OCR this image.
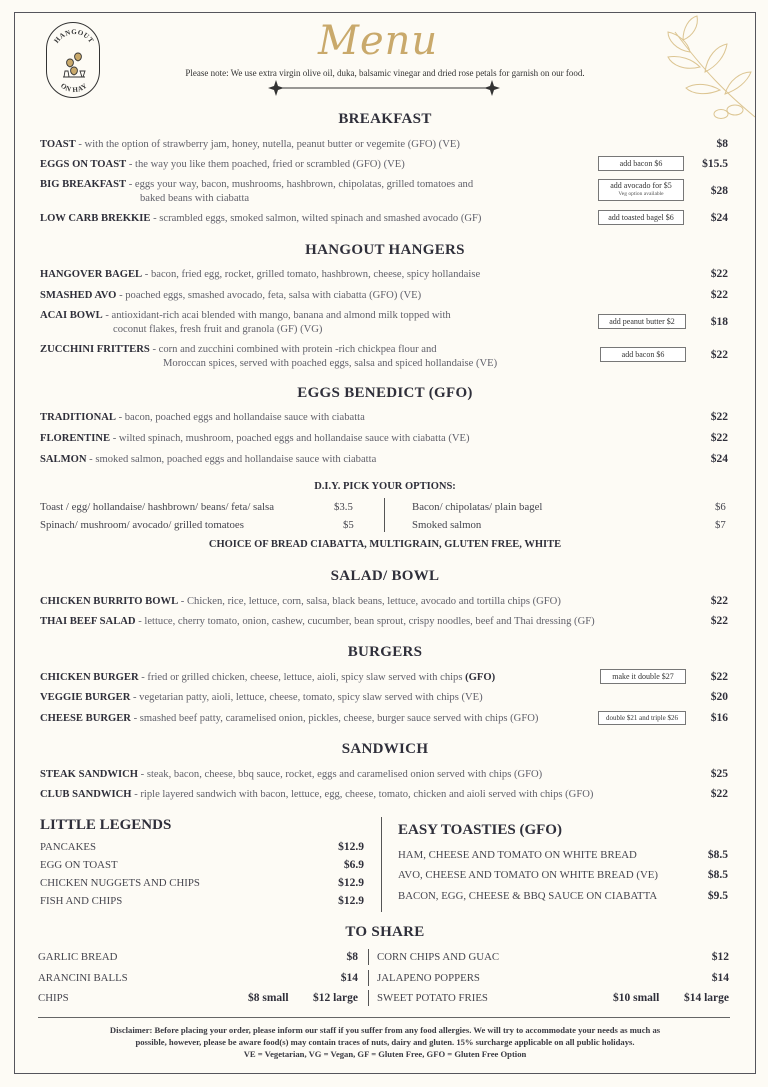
HANGOUT
ON HAY
Menu
Please note: We use extra virgin olive oil, duka, balsamic vinegar and dried rose petals for garnish on our food.
BREAKFAST
TOAST - with the option of strawberry jam, honey, nutella, peanut butter or vegemite (GFO) (VE)	$8
EGGS ON TOAST - the way you like them poached, fried or scrambled (GFO) (VE)	add bacon $6	$15.5
BIG BREAKFAST - eggs your way, bacon, mushrooms, hashbrown, chipolatas, grilled tomatoes and
baked beans with ciabatta
add avocado for $5
Veg option available	$28
LOW CARB BREKKIE - scrambled eggs, smoked salmon, wilted spinach and smashed avocado (GF)	add toasted bagel $6	$24
HANGOUT HANGERS
HANGOVER BAGEL - bacon, fried egg, rocket, grilled tomato, hashbrown, cheese, spicy hollandaise	$22
SMASHED AVO - poached eggs, smashed avocado, feta, salsa with ciabatta (GFO) (VE)	$22
ACAI BOWL - antioxidant-rich acai blended with mango, banana and almond milk topped with
coconut flakes, fresh fruit and granola (GF) (VG)
add peanut butter $2	$18
ZUCCHINI FRITTERS - corn and zucchini combined with protein -rich chickpea flour and
Moroccan spices, served with poached eggs, salsa and spiced hollandaise (VE)
add bacon $6	$22
EGGS BENEDICT (GFO)
TRADITIONAL - bacon, poached eggs and hollandaise sauce with ciabatta	$22
FLORENTINE - wilted spinach, mushroom, poached eggs and hollandaise sauce with ciabatta (VE)	$22
SALMON - smoked salmon, poached eggs and hollandaise sauce with ciabatta	$24
D.I.Y. PICK YOUR OPTIONS:
Toast / egg/ hollandaise/ hashbrown/ beans/ feta/ salsa	$3.5
Spinach/ mushroom/ avocado/ grilled tomatoes	$5
Bacon/ chipolatas/ plain bagel	$6
Smoked salmon	$7
CHOICE OF BREAD CIABATTA, MULTIGRAIN, GLUTEN FREE, WHITE
SALAD/ BOWL
CHICKEN BURRITO BOWL - Chicken, rice, lettuce, corn, salsa, black beans, lettuce, avocado and tortilla chips (GFO)	$22
THAI BEEF SALAD - lettuce, cherry tomato, onion, cashew, cucumber, bean sprout, crispy noodles, beef and Thai dressing (GF)	$22
BURGERS
CHICKEN BURGER - fried or grilled chicken, cheese, lettuce, aioli, spicy slaw served with chips (GFO)	make it double $27	$22
VEGGIE BURGER - vegetarian patty, aioli, lettuce, cheese, tomato, spicy slaw served with chips (VE)	$20
CHEESE BURGER - smashed beef patty, caramelised onion, pickles, cheese, burger sauce served with chips (GFO)	double $21 and triple $26	$16
SANDWICH
STEAK SANDWICH - steak, bacon, cheese, bbq sauce, rocket, eggs and caramelised onion served with chips (GFO)	$25
CLUB SANDWICH - riple layered sandwich with bacon, lettuce, egg, cheese, tomato, chicken and aioli served with chips (GFO)	$22
LITTLE LEGENDS
PANCAKES	$12.9
EGG ON TOAST	$6.9
CHICKEN NUGGETS AND CHIPS	$12.9
FISH AND CHIPS	$12.9
EASY TOASTIES (GFO)
HAM, CHEESE AND TOMATO ON WHITE BREAD	$8.5
AVO, CHEESE AND TOMATO ON WHITE BREAD (VE)	$8.5
BACON, EGG, CHEESE & BBQ SAUCE ON CIABATTA	$9.5
TO SHARE
GARLIC BREAD	$8
ARANCINI BALLS	$14
CHIPS	$8 small	$12 large
CORN CHIPS AND GUAC	$12
JALAPENO POPPERS	$14
SWEET POTATO FRIES	$10 small	$14 large
Disclaimer: Before placing your order, please inform our staff if you suffer from any food allergies. We will try to accommodate your needs as much as
possible, however, please be aware food(s) may contain traces of nuts, dairy and gluten. 15% surcharge applicable on all public holidays.
VE = Vegetarian, VG = Vegan, GF = Gluten Free, GFO = Gluten Free Option
